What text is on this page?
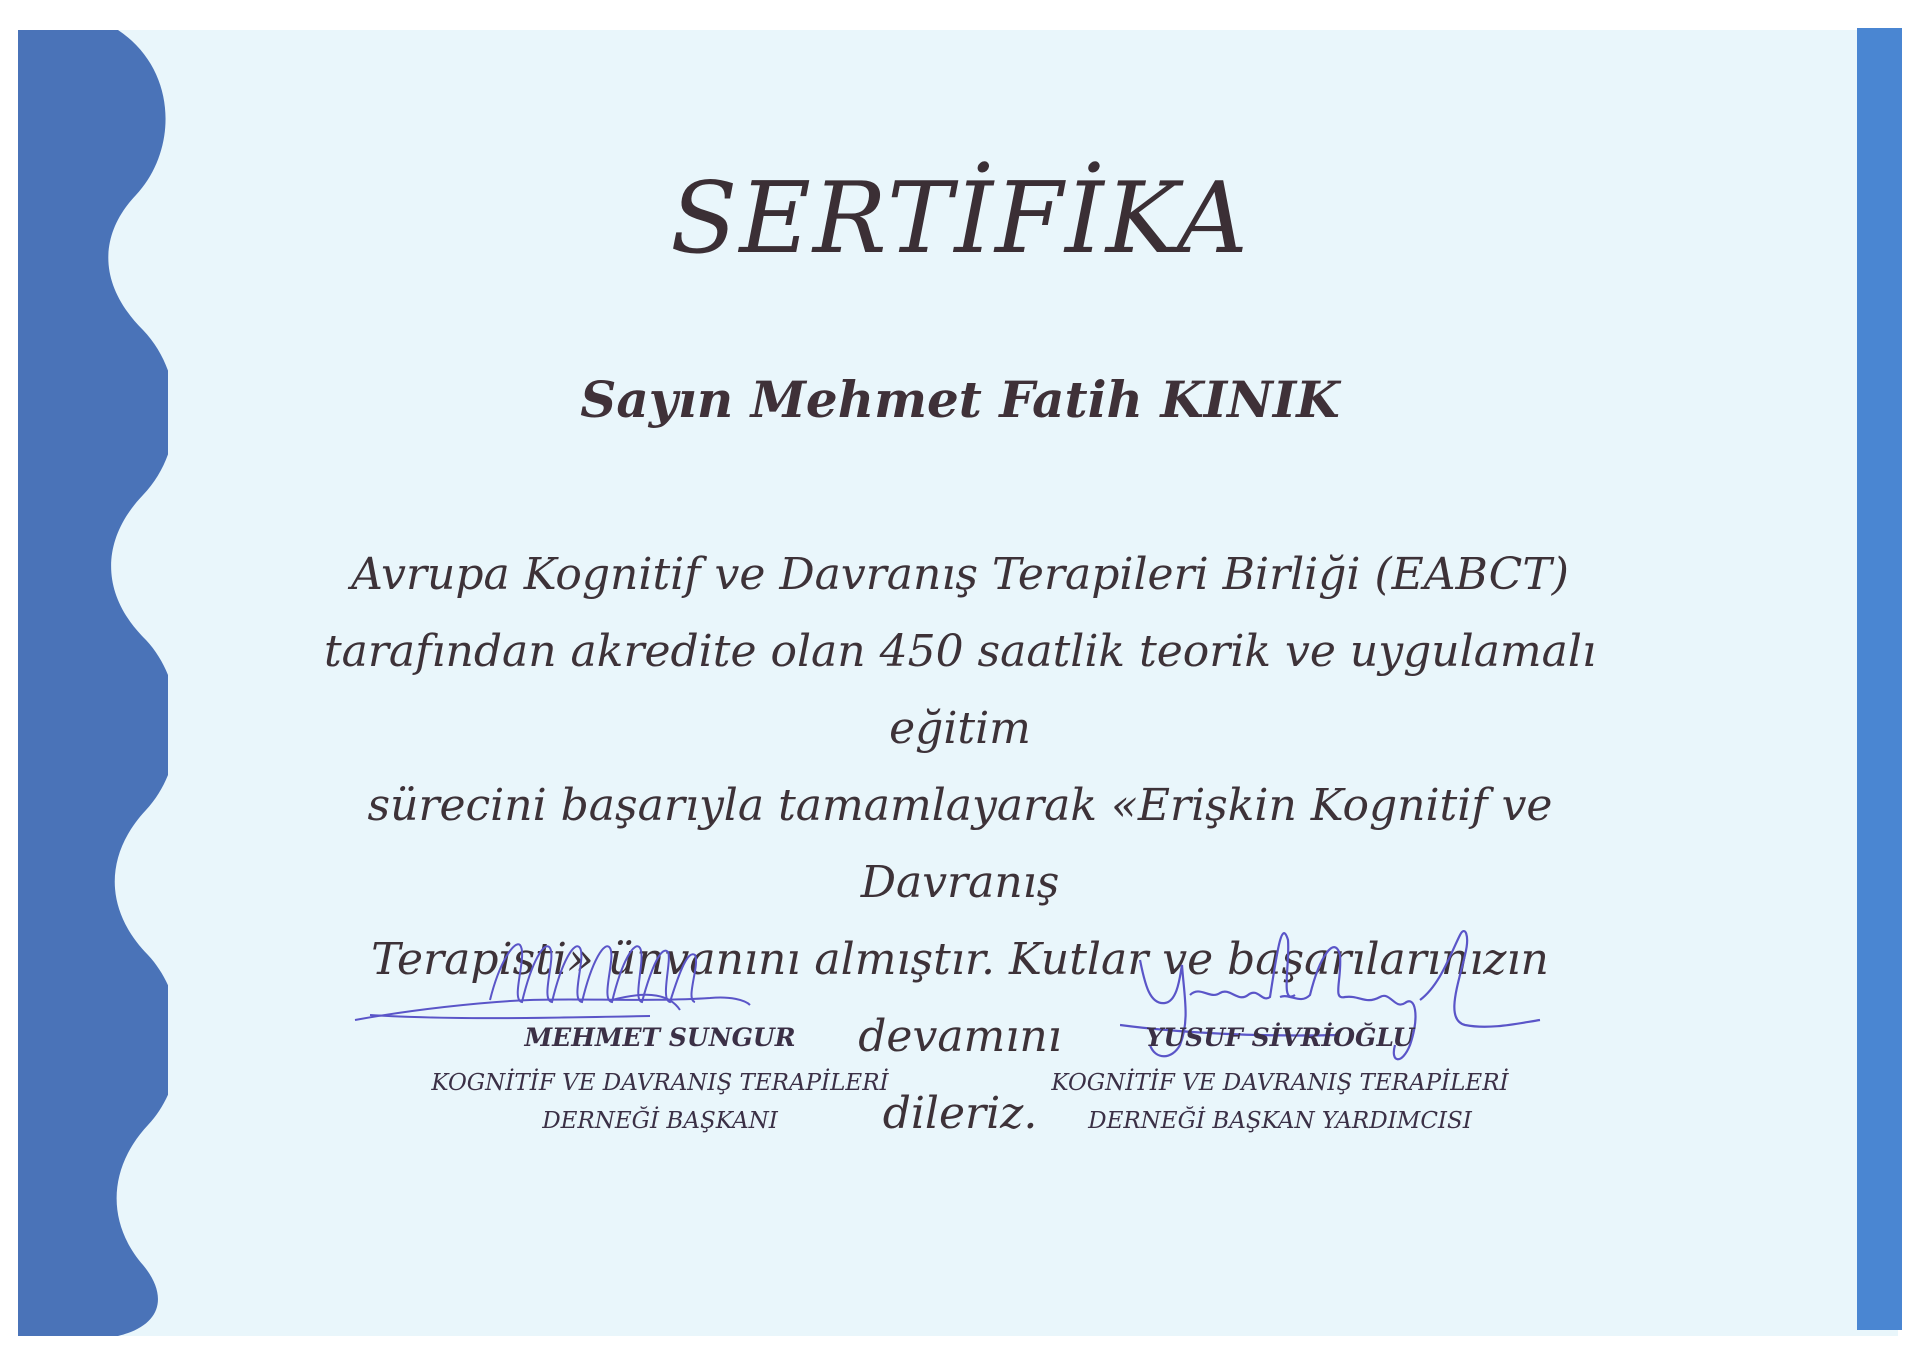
SERTİFİKA
Sayın Mehmet Fatih KINIK
Avrupa Kognitif ve Davranış Terapileri Birliği (EABCT)
tarafından akredite olan 450 saatlik teorik ve uygulamalı eğitim
sürecini başarıyla tamamlayarak «Erişkin Kognitif ve Davranış
Terapisti» ünvanını almıştır. Kutlar ve başarılarınızın devamını
dileriz.
MEHMET SUNGUR
KOGNİTİF VE DAVRANIŞ TERAPİLERİ
DERNEĞİ BAŞKANI
YUSUF SİVRİOĞLU
KOGNİTİF VE DAVRANIŞ TERAPİLERİ
DERNEĞİ BAŞKAN YARDIMCISI
